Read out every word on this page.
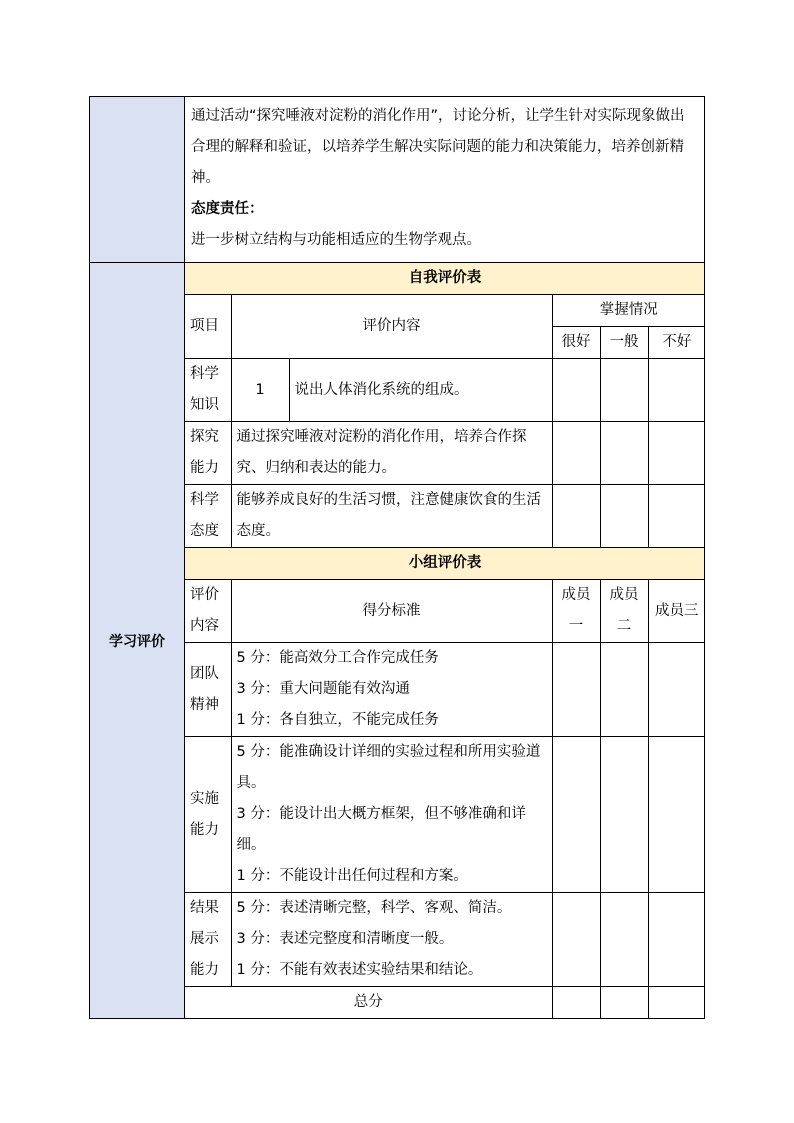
通过活动“探究唾液对淀粉的消化作用”，讨论分析，让学生针对实际现象做出合理的解释和验证，以培养学生解决实际问题的能力和决策能力，培养创新精神。

态度责任：

进一步树立结构与功能相适应的生物学观点。

学习评价	
自我评价表
项目	评价内容	掌握情况
很好	一般	不好
科学知识	1	说出人体消化系统的组成。			
探究能力	通过探究唾液对淀粉的消化作用，培养合作探究、归纳和表达的能力。			
科学态度	能够养成良好的生活习惯，注意健康饮食的生活态度。			
小组评价表
评价内容	得分标准	成员一	成员二	成员三
团队精神	
5 分：能高效分工合作完成任务
3 分：重大问题能有效沟通
1 分：各自独立，不能完成任务

实施能力	
5 分：能准确设计详细的实验过程和所用实验道具。
3 分：能设计出大概方框架，但不够准确和详细。
1 分：不能设计出任何过程和方案。

结果展示能力	
5 分：表述清晰完整，科学、客观、简洁。
3 分：表述完整度和清晰度一般。
1 分：不能有效表述实验结果和结论。

总分			
